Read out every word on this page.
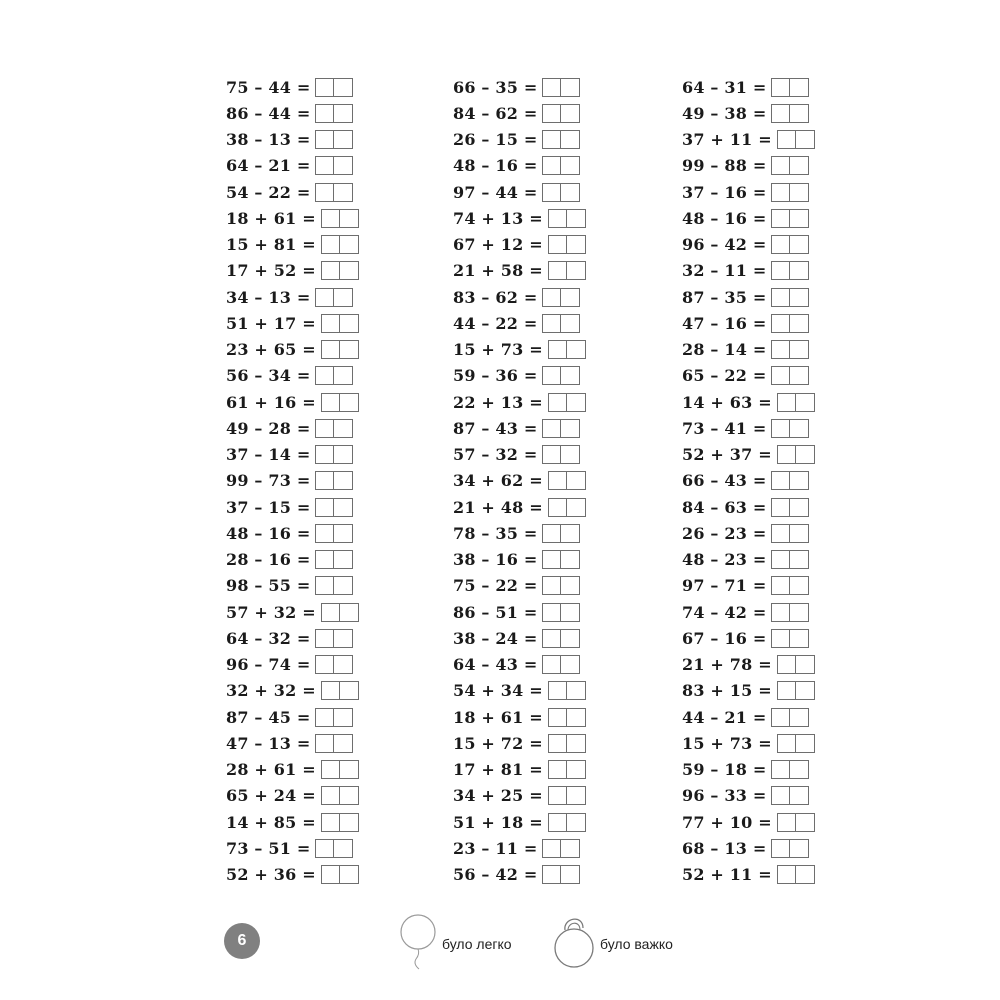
75 – 44 =
86 – 44 =
38 – 13 =
64 – 21 =
54 – 22 =
18 + 61 =
15 + 81 =
17 + 52 =
34 – 13 =
51 + 17 =
23 + 65 =
56 – 34 =
61 + 16 =
49 – 28 =
37 – 14 =
99 – 73 =
37 – 15 =
48 – 16 =
28 – 16 =
98 – 55 =
57 + 32 =
64 – 32 =
96 – 74 =
32 + 32 =
87 – 45 =
47 – 13 =
28 + 61 =
65 + 24 =
14 + 85 =
73 – 51 =
52 + 36 =
66 – 35 =
84 – 62 =
26 – 15 =
48 – 16 =
97 – 44 =
74 + 13 =
67 + 12 =
21 + 58 =
83 – 62 =
44 – 22 =
15 + 73 =
59 – 36 =
22 + 13 =
87 – 43 =
57 – 32 =
34 + 62 =
21 + 48 =
78 – 35 =
38 – 16 =
75 – 22 =
86 – 51 =
38 – 24 =
64 – 43 =
54 + 34 =
18 + 61 =
15 + 72 =
17 + 81 =
34 + 25 =
51 + 18 =
23 – 11 =
56 – 42 =
64 – 31 =
49 – 38 =
37 + 11 =
99 – 88 =
37 – 16 =
48 – 16 =
96 – 42 =
32 – 11 =
87 – 35 =
47 – 16 =
28 – 14 =
65 – 22 =
14 + 63 =
73 – 41 =
52 + 37 =
66 – 43 =
84 – 63 =
26 – 23 =
48 – 23 =
97 – 71 =
74 – 42 =
67 – 16 =
21 + 78 =
83 + 15 =
44 – 21 =
15 + 73 =
59 – 18 =
96 – 33 =
77 + 10 =
68 – 13 =
52 + 11 =
6	було легко	було важко
